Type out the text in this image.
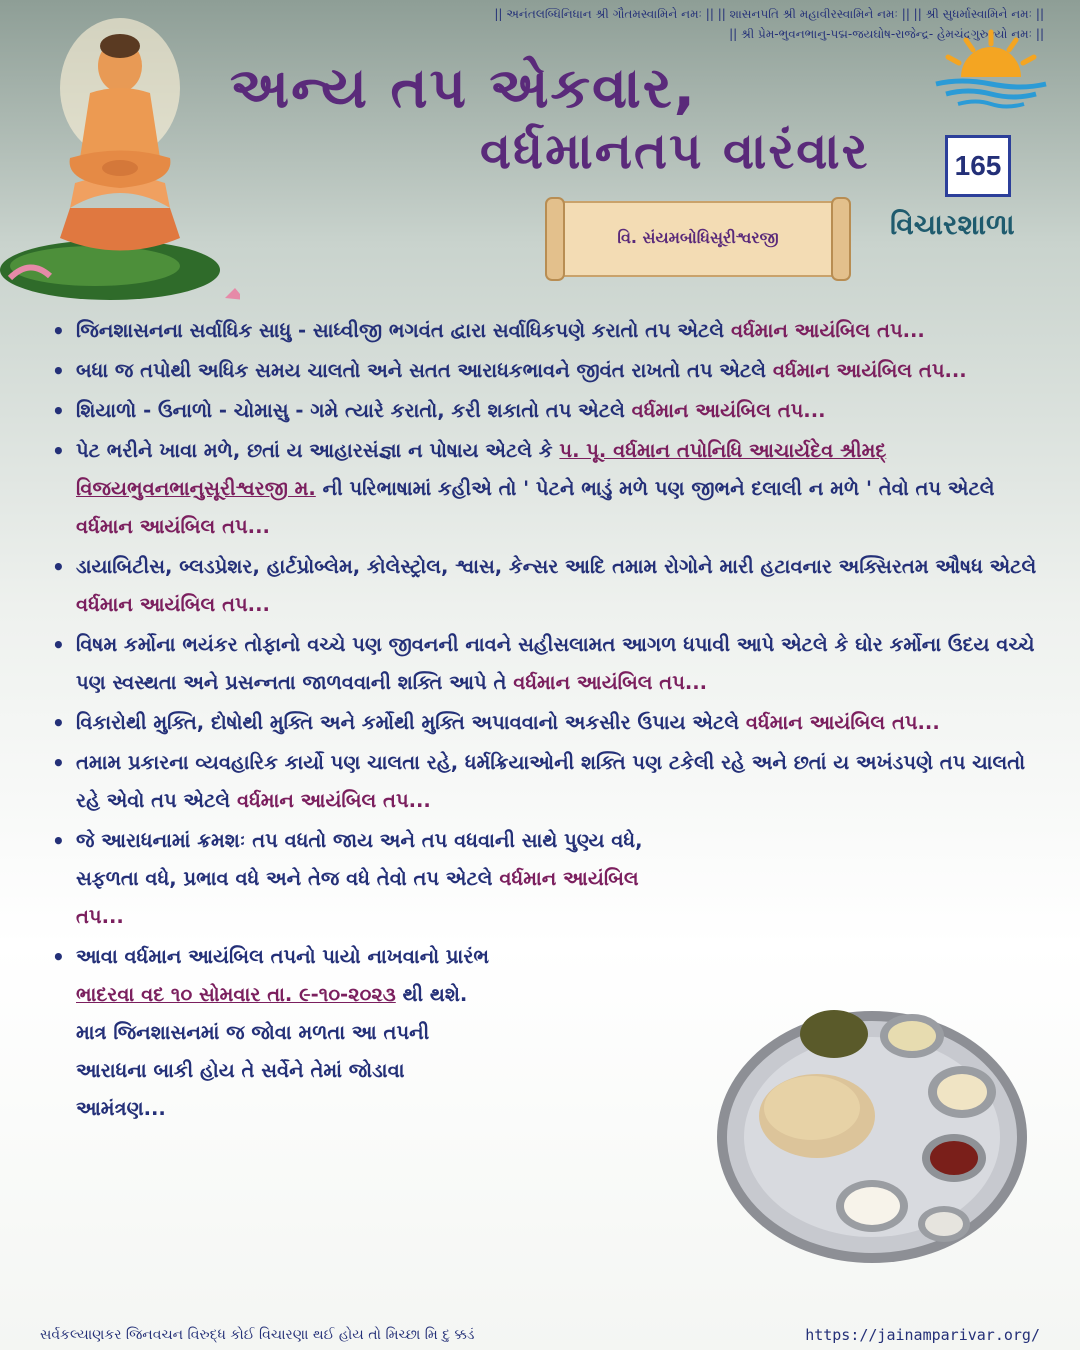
|| અનંતલબ્ધિનિધાન શ્રી ગૌતમસ્વામિને નમઃ || || શાસનપતિ શ્રી મહાવીરસ્વામિને નમઃ || || શ્રી સુધર્માસ્વામિને નમઃ ||
|| શ્રી પ્રેમ-ભુવનભાનુ-પદ્મ-જયઘોષ-રાજેન્દ્ર- હેમચંદ્રગુરુભ્યો નમઃ ||
અન્ય તપ એકવાર,
વર્ધમાનતપ વારંવાર	165
વિચારશાળા
વિ. સંયમબોધિસૂરીશ્વરજી
• જિનશાસનના સર્વાધિક સાધુ - સાધ્વીજી ભગવંત દ્વારા સર્વાધિકપણે કરાતો તપ એટલે વર્ધમાન આયંબિલ તપ...
• બધા જ તપોથી અધિક સમય ચાલતો અને સતત આરાધકભાવને જીવંત રાખતો તપ એટલે વર્ધમાન આયંબિલ તપ...
• શિયાળો - ઉનાળો - ચોમાસુ - ગમે ત્યારે કરાતો, કરી શકાતો તપ એટલે વર્ધમાન આયંબિલ તપ...
• પેટ ભરીને ખાવા મળે, છતાં ય આહારસંજ્ઞા ન પોષાય એટલે કે પ. પૂ. વર્ધમાન તપોનિધિ આચાર્યદેવ શ્રીમદ્ વિજયભુવનભાનુસૂરીશ્વરજી મ. ની પરિભાષામાં કહીએ તો ' પેટને ભાડું મળે પણ જીભને દલાલી ન મળે ' તેવો તપ એટલે વર્ધમાન આયંબિલ તપ...
• ડાયાબિટીસ, બ્લડપ્રેશર, હાર્ટપ્રોબ્લેમ, કોલેસ્ટ્રોલ, શ્વાસ, કેન્સર આદિ તમામ રોગોને મારી હટાવનાર અક્સિરતમ ઔષધ એટલે વર્ધમાન આયંબિલ તપ...
• વિષમ કર્મોના ભયંકર તોફાનો વચ્ચે પણ જીવનની નાવને સહીસલામત આગળ ધપાવી આપે એટલે કે ઘોર કર્મોના ઉદય વચ્ચે પણ સ્વસ્થતા અને પ્રસન્નતા જાળવવાની શક્તિ આપે તે વર્ધમાન આયંબિલ તપ...
• વિકારોથી મુક્તિ, દોષોથી મુક્તિ અને કર્મોથી મુક્તિ અપાવવાનો અકસીર ઉપાય એટલે વર્ધમાન આયંબિલ તપ...
• તમામ પ્રકારના વ્યવહારિક કાર્યો પણ ચાલતા રહે, ધર્મક્રિયાઓની શક્તિ પણ ટકેલી રહે અને છતાં ય અખંડપણે તપ ચાલતો રહે એવો તપ એટલે વર્ધમાન આયંબિલ તપ...
• જે આરાધનામાં ક્રમશઃ તપ વધતો જાય અને તપ વધવાની સાથે પુણ્ય વધે, સફળતા વધે, પ્રભાવ વધે અને તેજ વધે તેવો તપ એટલે વર્ધમાન આયંબિલ તપ...
• આવા વર્ધમાન આયંબિલ તપનો પાયો નાખવાનો પ્રારંભ ભાદરવા વદ ૧૦ સોમવાર તા. ૯-૧૦-૨૦૨૩ થી થશે. માત્ર જિનશાસનમાં જ જોવા મળતા આ તપની આરાધના બાકી હોય તે સર્વેને તેમાં જોડાવા આમંત્રણ...
સર્વકલ્યાણકર જિનવચન વિરુદ્ધ કોઈ વિચારણા થઈ હોય તો મિચ્છા મિ દુ ક્કડં	https://jainamparivar.org/
